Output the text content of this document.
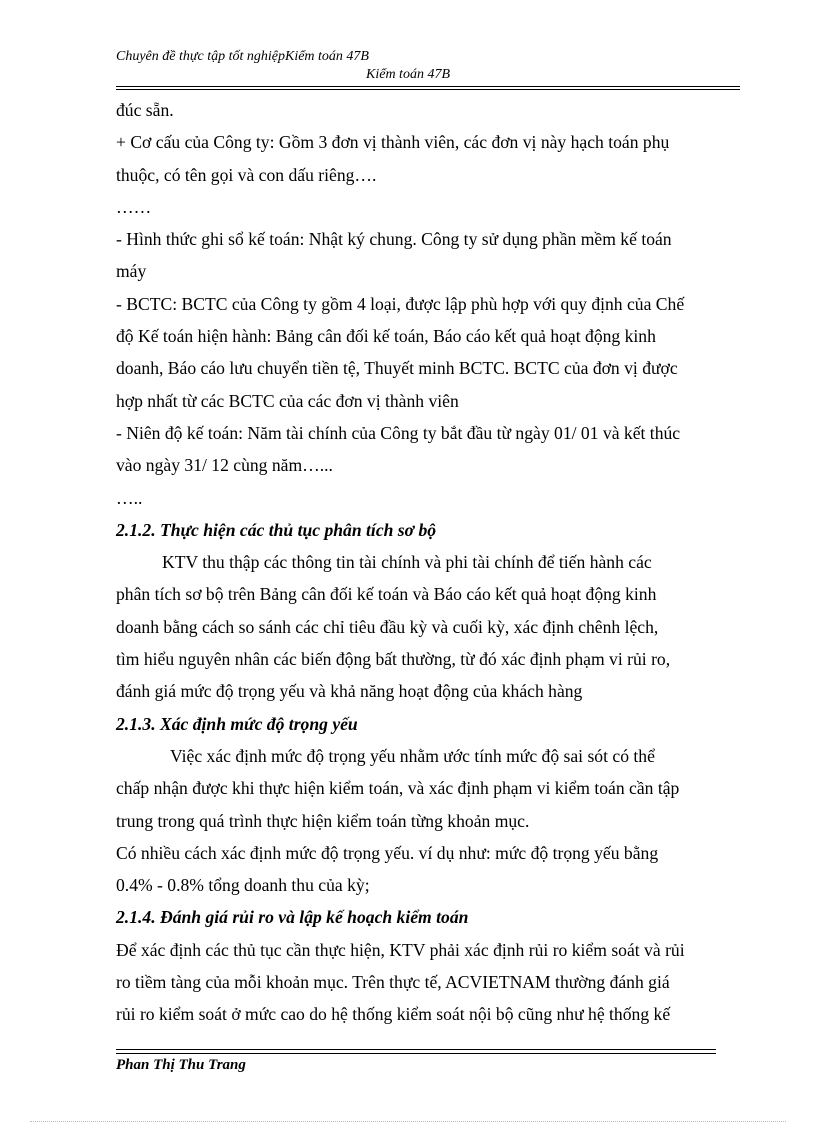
Chuyên đề thực tập tốt nghiệpKiểm toán 47B
Kiểm toán 47B
đúc sẵn.
+ Cơ cấu của Công ty: Gồm 3 đơn vị thành viên, các đơn vị này hạch toán phụ
thuộc, có tên gọi và con dấu riêng….
……
- Hình thức ghi sổ kế toán: Nhật ký chung. Công ty sử dụng phần mềm kế toán
máy
- BCTC: BCTC của Công ty gồm 4 loại, được lập phù hợp với quy định của Chế
độ Kế toán hiện hành: Bảng cân đối kế toán, Báo cáo kết quả hoạt động kinh
doanh, Báo cáo lưu chuyển tiền tệ, Thuyết minh BCTC. BCTC của đơn vị được
hợp nhất từ các BCTC của các đơn vị thành viên
- Niên độ kế toán: Năm tài chính của Công ty bắt đầu từ ngày 01/ 01 và kết thúc
vào ngày 31/ 12 cùng năm…...
…..
2.1.2. Thực hiện các thủ tục phân tích sơ bộ
KTV thu thập các thông tin tài chính và phi tài chính để tiến hành các
phân tích sơ bộ trên Bảng cân đối kế toán và Báo cáo kết quả hoạt động kinh
doanh bằng cách so sánh các chỉ tiêu đầu kỳ và cuối kỳ, xác định chênh lệch,
tìm hiểu nguyên nhân các biến động bất thường, từ đó xác định phạm vi rủi ro,
đánh giá mức độ trọng yếu và khả năng hoạt động của khách hàng
2.1.3. Xác định mức độ trọng yếu
Việc xác định mức độ trọng yếu nhằm ước tính mức độ sai sót có thể
chấp nhận được khi thực hiện kiểm toán, và xác định phạm vi kiểm toán cần tập
trung trong quá trình thực hiện kiểm toán từng khoản mục.
Có nhiều cách xác định mức độ trọng yếu. ví dụ như: mức độ trọng yếu bằng
0.4% - 0.8% tổng doanh thu của kỳ;
2.1.4. Đánh giá rủi ro và lập kế hoạch kiểm toán
Để xác định các thủ tục cần thực hiện, KTV phải xác định rủi ro kiểm soát và rủi
ro tiềm tàng của mỗi khoản mục. Trên thực tế, ACVIETNAM thường đánh giá
rủi ro kiểm soát ở mức cao do hệ thống kiểm soát nội bộ cũng như hệ thống kế
Phan Thị Thu Trang
